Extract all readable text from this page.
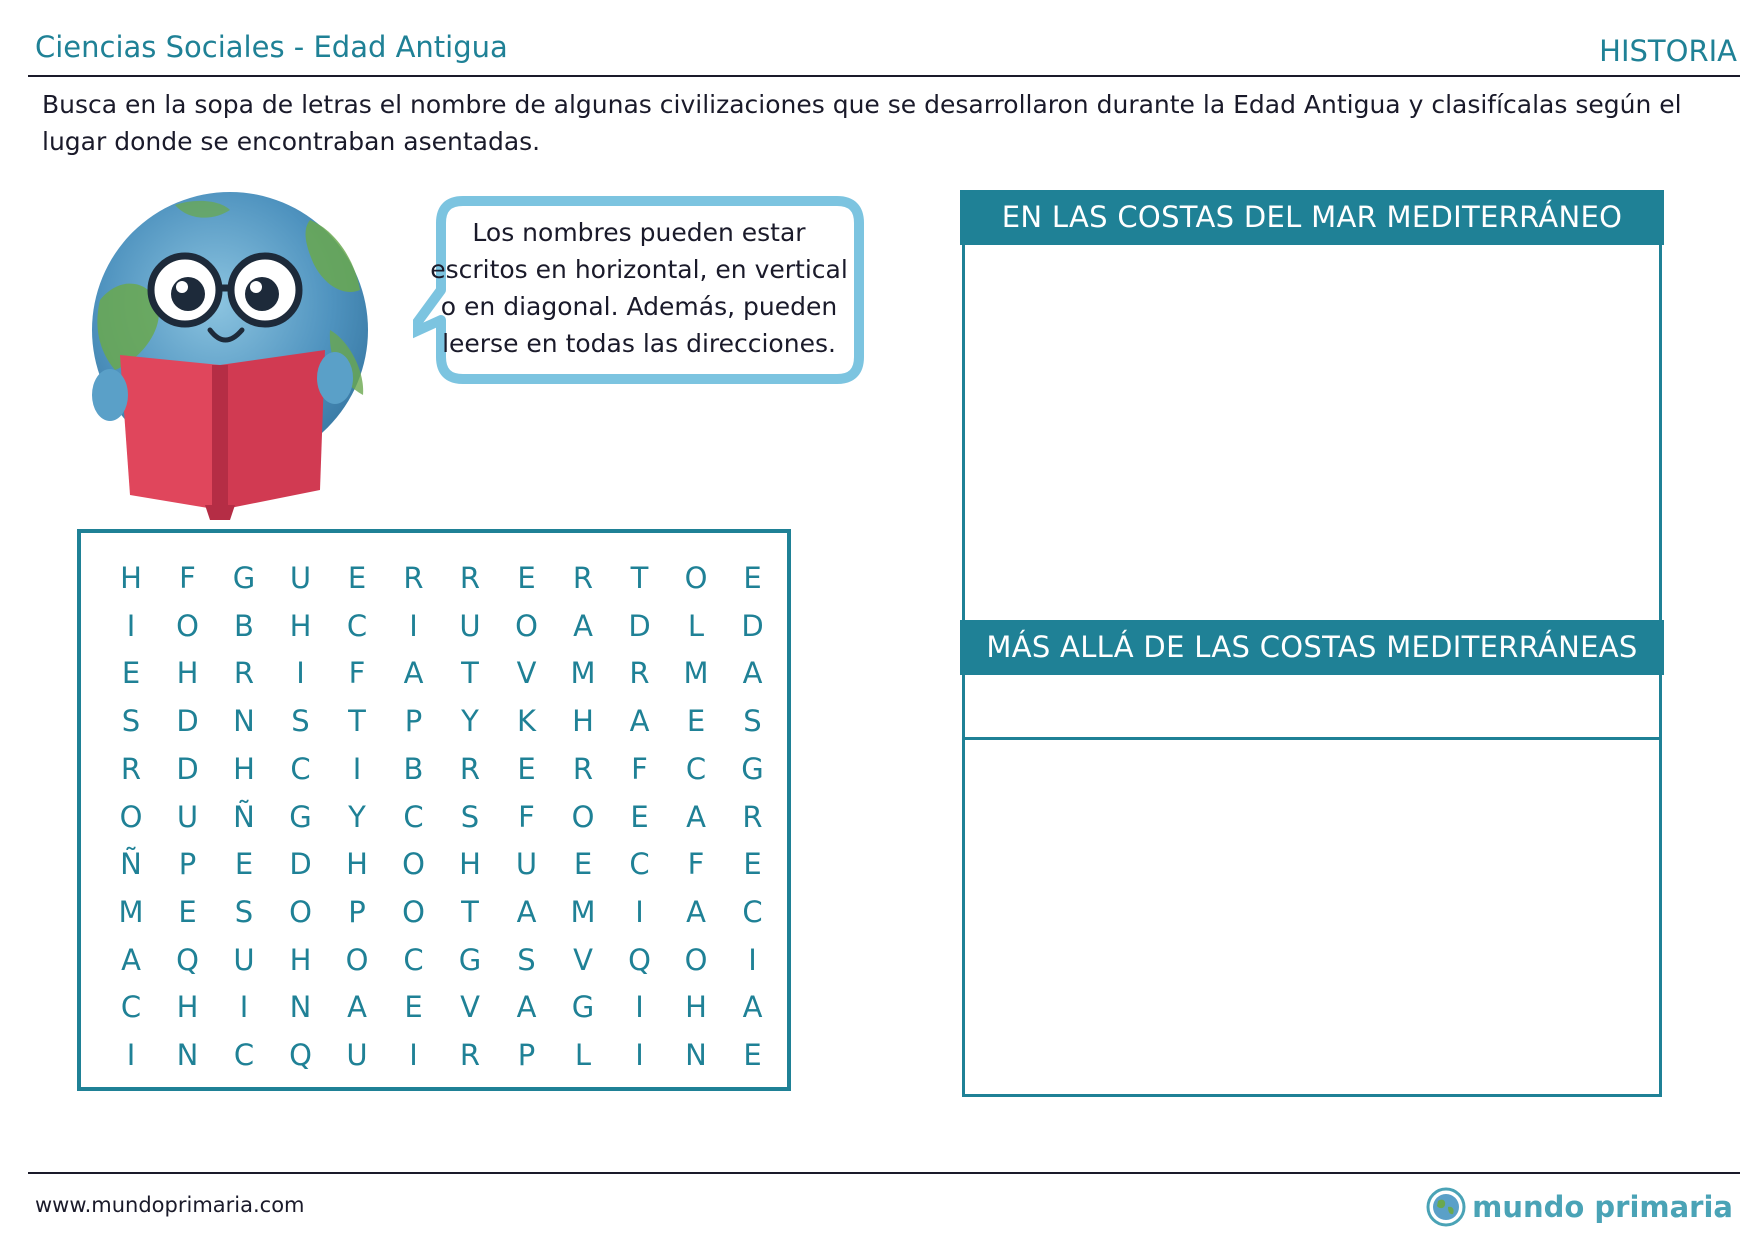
Ciencias Sociales - Edad Antigua	HISTORIA
Busca en la sopa de letras el nombre de algunas civilizaciones que se desarrollaron durante la Edad Antigua y clasifícalas según el lugar donde se encontraban asentadas.
Los nombres pueden estar
escritos en horizontal, en vertical
o en diagonal. Además, pueden
leerse en todas las direcciones.
H	F	G	U	E	R	R	E	R	T	O	E
I	O	B	H	C	I	U	O	A	D	L	D
E	H	R	I	F	A	T	V	M	R	M	A
S	D	N	S	T	P	Y	K	H	A	E	S
R	D	H	C	I	B	R	E	R	F	C	G
O	U	Ñ	G	Y	C	S	F	O	E	A	R
Ñ	P	E	D	H	O	H	U	E	C	F	E
M	E	S	O	P	O	T	A	M	I	A	C
A	Q	U	H	O	C	G	S	V	Q	O	I
C	H	I	N	A	E	V	A	G	I	H	A
I	N	C	Q	U	I	R	P	L	I	N	E
EN LAS COSTAS DEL MAR MEDITERRÁNEO
MÁS ALLÁ DE LAS COSTAS MEDITERRÁNEAS
www.mundoprimaria.com	mundo primaria
